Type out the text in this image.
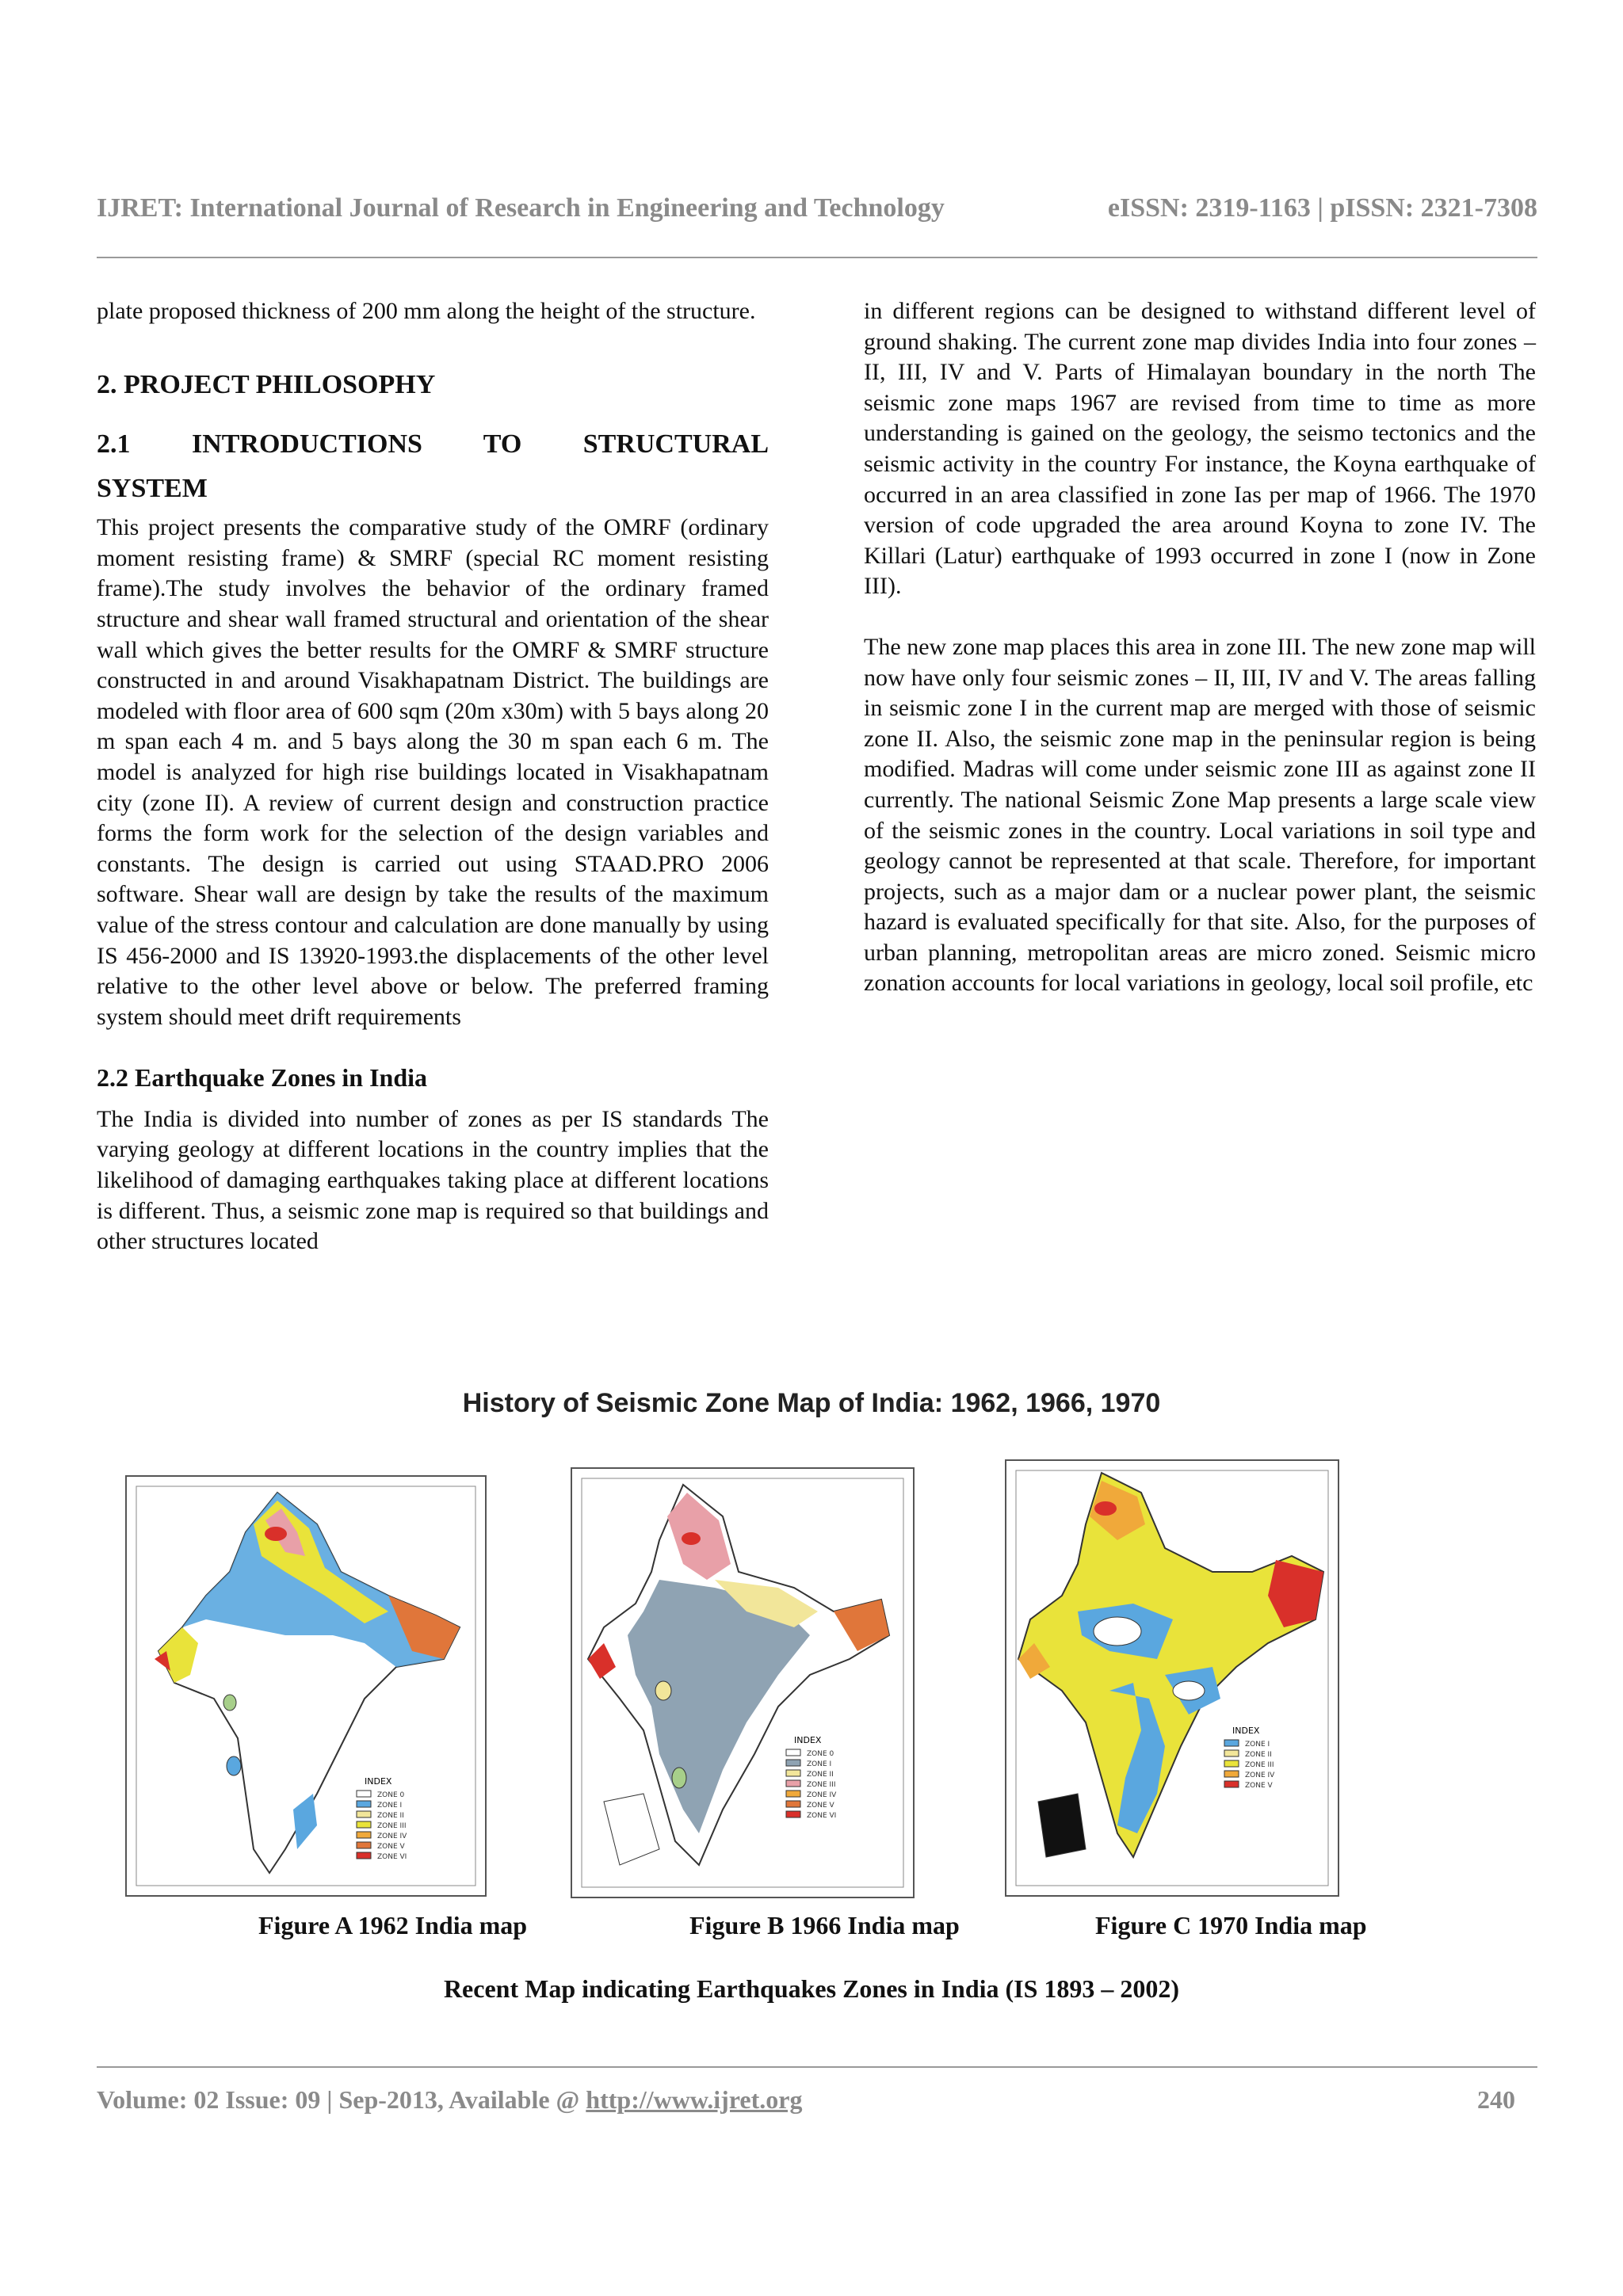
IJRET: International Journal of Research in Engineering and Technology	eISSN: 2319-1163 | pISSN: 2321-7308

plate proposed thickness of 200 mm along the height of the structure.

2. PROJECT PHILOSOPHY
2.1 INTRODUCTIONS TO STRUCTURAL
SYSTEM

This project presents the comparative study of the OMRF (ordinary moment resisting frame) & SMRF (special RC moment resisting frame).The study involves the behavior of the ordinary framed structure and shear wall framed structural and orientation of the shear wall which gives the better results for the OMRF & SMRF structure constructed in and around Visakhapatnam District. The buildings are modeled with floor area of 600 sqm (20m x30m) with 5 bays along 20 m span each 4 m. and 5 bays along the 30 m span each 6 m. The model is analyzed for high rise buildings located in Visakhapatnam city (zone II). A review of current design and construction practice forms the form work for the selection of the design variables and constants. The design is carried out using STAAD.PRO 2006 software. Shear wall are design by take the results of the maximum value of the stress contour and calculation are done manually by using IS 456-2000 and IS 13920-1993.the displacements of the other level relative to the other level above or below. The preferred framing system should meet drift requirements

2.2 Earthquake Zones in India

The India is divided into number of zones as per IS standards The varying geology at different locations in the country implies that the likelihood of damaging earthquakes taking place at different locations is different. Thus, a seismic zone map is required so that buildings and other structures located

in different regions can be designed to withstand different level of ground shaking. The current zone map divides India into four zones – II, III, IV and V. Parts of Himalayan boundary in the north The seismic zone maps 1967 are revised from time to time as more understanding is gained on the geology, the seismo tectonics and the seismic activity in the country For instance, the Koyna earthquake of occurred in an area classified in zone Ias per map of 1966. The 1970 version of code upgraded the area around Koyna to zone IV. The Killari (Latur) earthquake of 1993 occurred in zone I (now in Zone III).

The new zone map places this area in zone III. The new zone map will now have only four seismic zones – II, III, IV and V. The areas falling in seismic zone I in the current map are merged with those of seismic zone II. Also, the seismic zone map in the peninsular region is being modified. Madras will come under seismic zone III as against zone II currently. The national Seismic Zone Map presents a large scale view of the seismic zones in the country. Local variations in soil type and geology cannot be represented at that scale. Therefore, for important projects, such as a major dam or a nuclear power plant, the seismic hazard is evaluated specifically for that site. Also, for the purposes of urban planning, metropolitan areas are micro zoned. Seismic micro zonation accounts for local variations in geology, local soil profile, etc

History of Seismic Zone Map of India: 1962, 1966, 1970
INDEX
ZONE 0
ZONE I
ZONE II
ZONE III
ZONE IV
ZONE V
ZONE VI
INDEX
ZONE 0
ZONE I
ZONE II
ZONE III
ZONE IV
ZONE V
ZONE VI
INDEX
ZONE I
ZONE II
ZONE III
ZONE IV
ZONE V
Figure A 1962 India map	Figure B 1966 India map	Figure C 1970 India map
Recent Map indicating Earthquakes Zones in India (IS 1893 – 2002)
Volume: 02 Issue: 09 | Sep-2013, Available @ http://www.ijret.org	240
